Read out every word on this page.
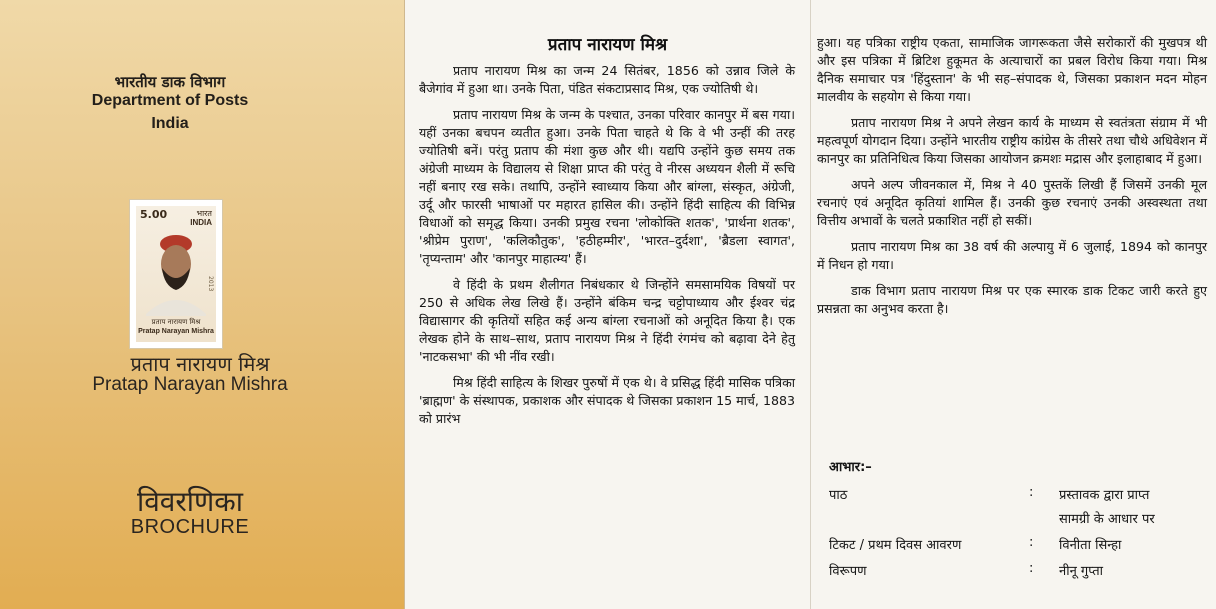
भारतीय डाक विभाग
Department of Posts
India
5.00	भारत
INDIA
2013
प्रताप नारायण मिश्र
Pratap Narayan Mishra
प्रताप नारायण मिश्र
Pratap Narayan Mishra
विवरणिका
BROCHURE
प्रताप नारायण मिश्र

प्रताप नारायण मिश्र का जन्म 24 सितंबर, 1856 को उन्नाव जिले के बैजेगांव में हुआ था। उनके पिता, पंडित संकटाप्रसाद मिश्र, एक ज्योतिषी थे।

प्रताप नारायण मिश्र के जन्म के पश्चात, उनका परिवार कानपुर में बस गया। यहीं उनका बचपन व्यतीत हुआ। उनके पिता चाहते थे कि वे भी उन्हीं की तरह ज्योतिषी बनें। परंतु प्रताप की मंशा कुछ और थी। यद्यपि उन्होंने कुछ समय तक अंग्रेजी माध्यम के विद्यालय से शिक्षा प्राप्त की परंतु वे नीरस अध्ययन शैली में रूचि नहीं बनाए रख सके। तथापि, उन्होंने स्वाध्याय किया और बांग्ला, संस्कृत, अंग्रेजी, उर्दू और फारसी भाषाओं पर महारत हासिल की। उन्होंने हिंदी साहित्य की विभिन्न विधाओं को समृद्ध किया। उनकी प्रमुख रचना 'लोकोक्ति शतक', 'प्रार्थना शतक', 'श्रीप्रेम पुराण', 'कलिकौतुक', 'हठीहम्मीर', 'भारत–दुर्दशा', 'ब्रैडला स्वागत', 'तृप्यन्ताम' और 'कानपुर माहात्म्य' हैं।

वे हिंदी के प्रथम शैलीगत निबंधकार थे जिन्होंने समसामयिक विषयों पर 250 से अधिक लेख लिखे हैं। उन्होंने बंकिम चन्द्र चट्टोपाध्याय और ईश्वर चंद्र विद्यासागर की कृतियों सहित कई अन्य बांग्ला रचनाओं को अनूदित किया है। एक लेखक होने के साथ–साथ, प्रताप नारायण मिश्र ने हिंदी रंगमंच को बढ़ावा देने हेतु 'नाटकसभा' की भी नींव रखी।

मिश्र हिंदी साहित्य के शिखर पुरुषों में एक थे। वे प्रसिद्ध हिंदी मासिक पत्रिका 'ब्राह्मण' के संस्थापक, प्रकाशक और संपादक थे जिसका प्रकाशन 15 मार्च, 1883 को प्रारंभ

हुआ। यह पत्रिका राष्ट्रीय एकता, सामाजिक जागरूकता जैसे सरोकारों की मुखपत्र थी और इस पत्रिका में ब्रिटिश हुकूमत के अत्याचारों का प्रबल विरोध किया गया। मिश्र दैनिक समाचार पत्र 'हिंदुस्तान' के भी सह–संपादक थे, जिसका प्रकाशन मदन मोहन मालवीय के सहयोग से किया गया।

प्रताप नारायण मिश्र ने अपने लेखन कार्य के माध्यम से स्वतंत्रता संग्राम में भी महत्वपूर्ण योगदान दिया। उन्होंने भारतीय राष्ट्रीय कांग्रेस के तीसरे तथा चौथे अधिवेशन में कानपुर का प्रतिनिधित्व किया जिसका आयोजन क्रमशः मद्रास और इलाहाबाद में हुआ।

अपने अल्प जीवनकाल में, मिश्र ने 40 पुस्तकें लिखी हैं जिसमें उनकी मूल रचनाएं एवं अनूदित कृतियां शामिल हैं। उनकी कुछ रचनाएं उनकी अस्वस्थता तथा वित्तीय अभावों के चलते प्रकाशित नहीं हो सकीं।

प्रताप नारायण मिश्र का 38 वर्ष की अल्पायु में 6 जुलाई, 1894 को कानपुर में निधन हो गया।

डाक विभाग प्रताप नारायण मिश्र पर एक स्मारक डाक टिकट जारी करते हुए प्रसन्नता का अनुभव करता है।

आभार:–
पाठ	: प्रस्तावक द्वारा प्राप्त
सामग्री के आधार पर
टिकट / प्रथम दिवस आवरण	: विनीता सिन्हा
विरूपण	: नीनू गुप्ता
